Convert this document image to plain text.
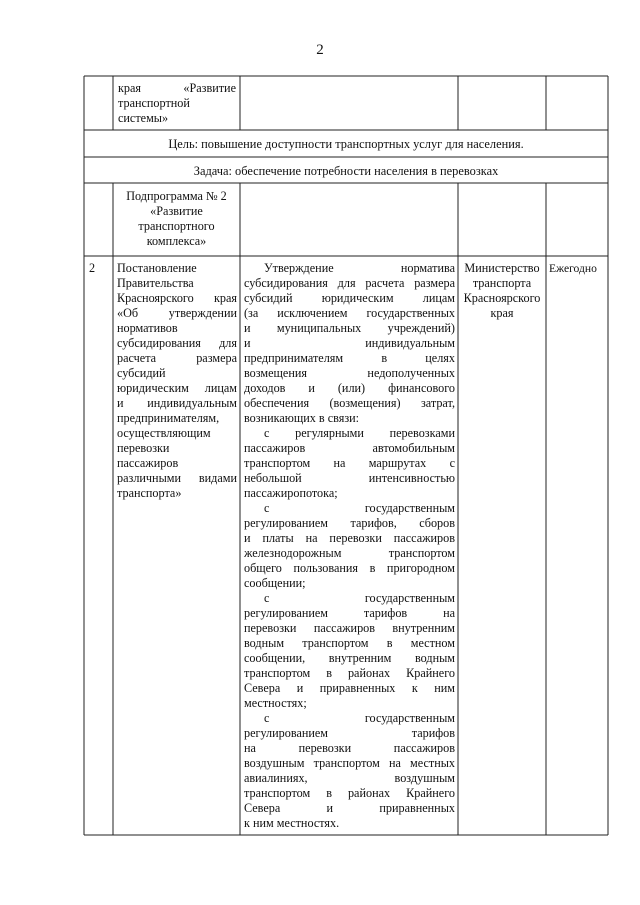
2
края «Развитие
транспортной
системы»
Цель: повышение доступности транспортных услуг для населения.
Задача: обеспечение потребности населения в перевозках
Подпрограмма № 2
«Развитие
транспортного
комплекса»
2 Постановление
Правительства
Красноярского края
«Об утверждении
нормативов
субсидирования для
расчета размера
субсидий
юридическим лицам
и индивидуальным
предпринимателям,
осуществляющим
перевозки
пассажиров
различными видами
транспорта»
Утверждение норматива
субсидирования для расчета размера
субсидий юридическим лицам
(за исключением государственных
и муниципальных учреждений)
и индивидуальным
предпринимателям в целях
возмещения недополученных
доходов и (или) финансового
обеспечения (возмещения) затрат,
возникающих в связи:
с регулярными перевозками
пассажиров автомобильным
транспортом на маршрутах с
небольшой интенсивностью
пассажиропотока;
с государственным
регулированием тарифов, сборов
и платы на перевозки пассажиров
железнодорожным транспортом
общего пользования в пригородном
сообщении;
с государственным
регулированием тарифов на
перевозки пассажиров внутренним
водным транспортом в местном
сообщении, внутренним водным
транспортом в районах Крайнего
Севера и приравненных к ним
местностях;
с государственным
регулированием тарифов
на перевозки пассажиров
воздушным транспортом на местных
авиалиниях, воздушным
транспортом в районах Крайнего
Севера и приравненных
к ним местностях.
Министерство
транспорта
Красноярского
края
Ежегодно
